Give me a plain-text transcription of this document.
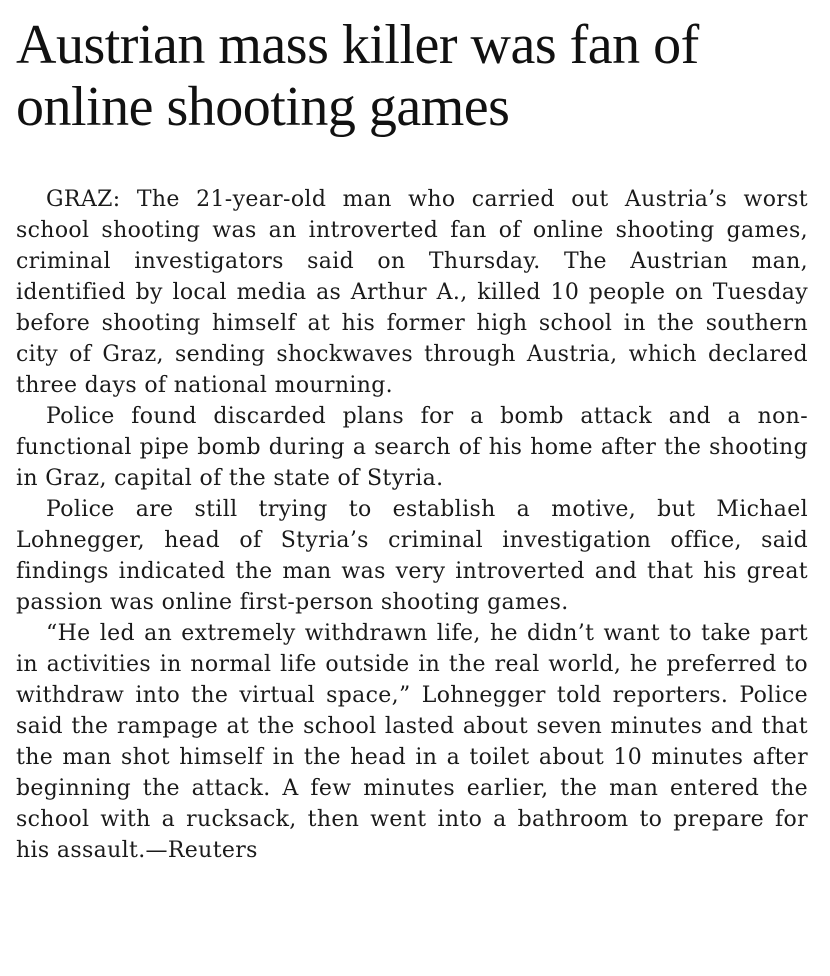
Austrian mass killer was fan of online shooting games

GRAZ: The 21-year-old man who carried out Austria’s worst school shooting was an introverted fan of online shooting games, criminal investigators said on Thursday. The Austrian man, identified by local media as Arthur A., killed 10 people on Tuesday before shooting himself at his former high school in the southern city of Graz, sending shockwaves through Austria, which declared three days of national mourning.

Police found discarded plans for a bomb attack and a non-functional pipe bomb during a search of his home after the shooting in Graz, capital of the state of Styria.

Police are still trying to establish a motive, but Michael Lohnegger, head of Styria’s criminal investigation office, said findings indicated the man was very introverted and that his great passion was online first-person shooting games.

“He led an extremely withdrawn life, he didn’t want to take part in activities in normal life outside in the real world, he preferred to withdraw into the virtual space,” Lohnegger told reporters. Police said the rampage at the school lasted about seven minutes and that the man shot himself in the head in a toilet about 10 minutes after beginning the attack. A few minutes earlier, the man entered the school with a rucksack, then went into a bathroom to prepare for his assault.—Reuters
